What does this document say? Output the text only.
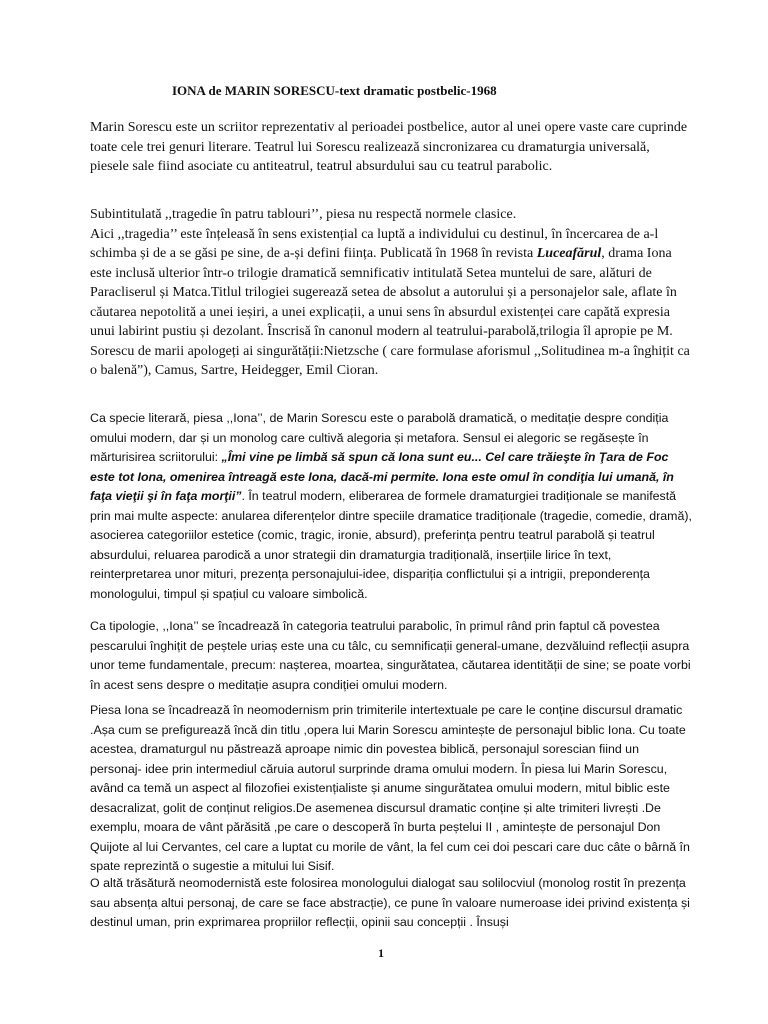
IONA de MARIN SORESCU-text dramatic postbelic-1968

Marin Sorescu este un scriitor reprezentativ al perioadei postbelice, autor al unei opere vaste care cuprinde toate cele trei genuri literare. Teatrul lui Sorescu realizează sincronizarea cu dramaturgia universală, piesele sale fiind asociate cu antiteatrul, teatrul absurdului sau cu teatrul parabolic.

Subintitulată ,,tragedie în patru tablouri’’, piesa nu respectă normele clasice.
Aici ,,tragedia’’ este înțeleasă în sens existențial ca luptă a individului cu destinul, în încercarea de a-l schimba și de a se găsi pe sine, de a-și defini ființa. Publicată în 1968 în revista Luceafărul, drama Iona este inclusă ulterior într-o trilogie dramatică semnificativ intitulată Setea muntelui de sare, alături de Paracliserul și Matca.Titlul trilogiei sugerează setea de absolut a autorului și a personajelor sale, aflate în căutarea nepotolită a unei ieșiri, a unei explicații, a unui sens în absurdul existenței care capătă expresia unui labirint pustiu și dezolant. Înscrisă în canonul modern al teatrului-parabolă,trilogia îl apropie pe M. Sorescu de marii apologeți ai singurătății:Nietzsche ( care formulase aforismul ,,Solitudinea m-a înghițit ca o balenă”), Camus, Sartre, Heidegger, Emil Cioran.

Ca specie literară, piesa ,,Iona’’, de Marin Sorescu este o parabolă dramatică, o meditație despre condiția omului modern, dar și un monolog care cultivă alegoria și metafora. Sensul ei alegoric se regăsește în mărturisirea scriitorului: „Îmi vine pe limbă să spun că Iona sunt eu... Cel care trăieşte în Ţara de Foc este tot Iona, omenirea întreagă este Iona, dacă-mi permite. Iona este omul în condiţia lui umană, în faţa vieţii şi în faţa morţii”. În teatrul modern, eliberarea de formele dramaturgiei tradiționale se manifestă prin mai multe aspecte: anularea diferențelor dintre speciile dramatice tradiționale (tragedie, comedie, dramă), asocierea categoriilor estetice (comic, tragic, ironie, absurd), preferința pentru teatrul parabolă și teatrul absurdului, reluarea parodică a unor strategii din dramaturgia tradițională, inserțiile lirice în text, reinterpretarea unor mituri, prezența personajului-idee, dispariția conflictului și a intrigii, preponderența monologului, timpul și spațiul cu valoare simbolică.

Ca tipologie, ,,Iona’’ se încadrează în categoria teatrului parabolic, în primul rând prin faptul că povestea pescarului înghițit de peștele uriaș este una cu tâlc, cu semnificații general-umane, dezvăluind reflecții asupra unor teme fundamentale, precum: nașterea, moartea, singurătatea, căutarea identității de sine; se poate vorbi în acest sens despre o meditație asupra condiției omului modern.

Piesa Iona se încadrează în neomodernism prin trimiterile intertextuale pe care le conține discursul dramatic .Așa cum se prefigurează încă din titlu ,opera lui Marin Sorescu amintește de personajul biblic Iona. Cu toate acestea, dramaturgul nu păstrează aproape nimic din povestea biblică, personajul sorescian fiind un personaj- idee prin intermediul căruia autorul surprinde drama omului modern. În piesa lui Marin Sorescu, având ca temă un aspect al filozofiei existențialiste și anume singurătatea omului modern, mitul biblic este desacralizat, golit de conținut religios.De asemenea discursul dramatic conține și alte trimiteri livrești .De exemplu, moara de vânt părăsită ,pe care o descoperă în burta peștelui II , amintește de personajul Don Quijote al lui Cervantes, cel care a luptat cu morile de vânt, la fel cum cei doi pescari care duc câte o bârnă în spate reprezintă o sugestie a mitului lui Sisif.

O altă trăsătură neomodernistă este folosirea monologului dialogat sau solilocviul (monolog rostit în prezența sau absența altui personaj, de care se face abstracție), ce pune în valoare numeroase idei privind existența și destinul uman, prin exprimarea propriilor reflecții, opinii sau concepții . Însuși

1
